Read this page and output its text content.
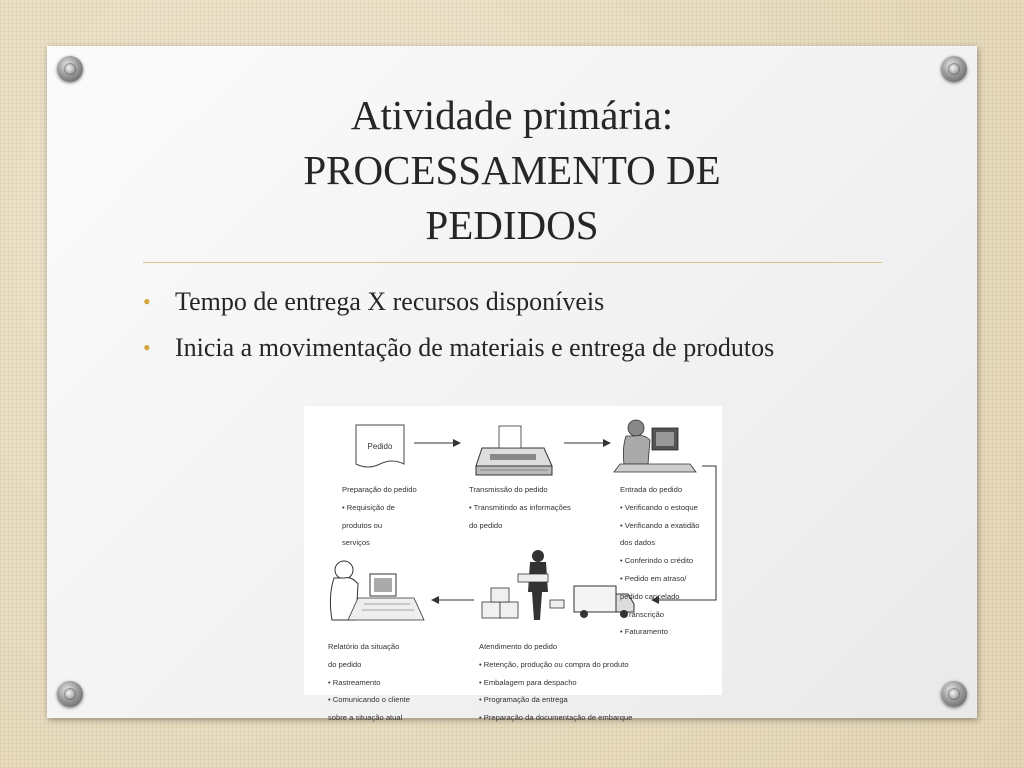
Atividade primária:
PROCESSAMENTO DE
PEDIDOS
• Tempo de entrega X recursos disponíveis
• Inicia a movimentação de materiais e entrega de produtos
Pedido

Preparação do pedido

• Requisição de

produtos ou

serviços

Transmissão do pedido

• Transmitindo as informações

do pedido

Entrada do pedido

• Verificando o estoque

• Verificando a exatidão

dos dados

• Conferindo o crédito

• Pedido em atraso/

pedido cancelado

• Transcrição

• Faturamento

Atendimento do pedido

• Retenção, produção ou compra do produto

• Embalagem para despacho

• Programação da entrega

• Preparação da documentação de embarque

Relatório da situação

do pedido

• Rastreamento

• Comunicando o cliente

sobre a situação atual
